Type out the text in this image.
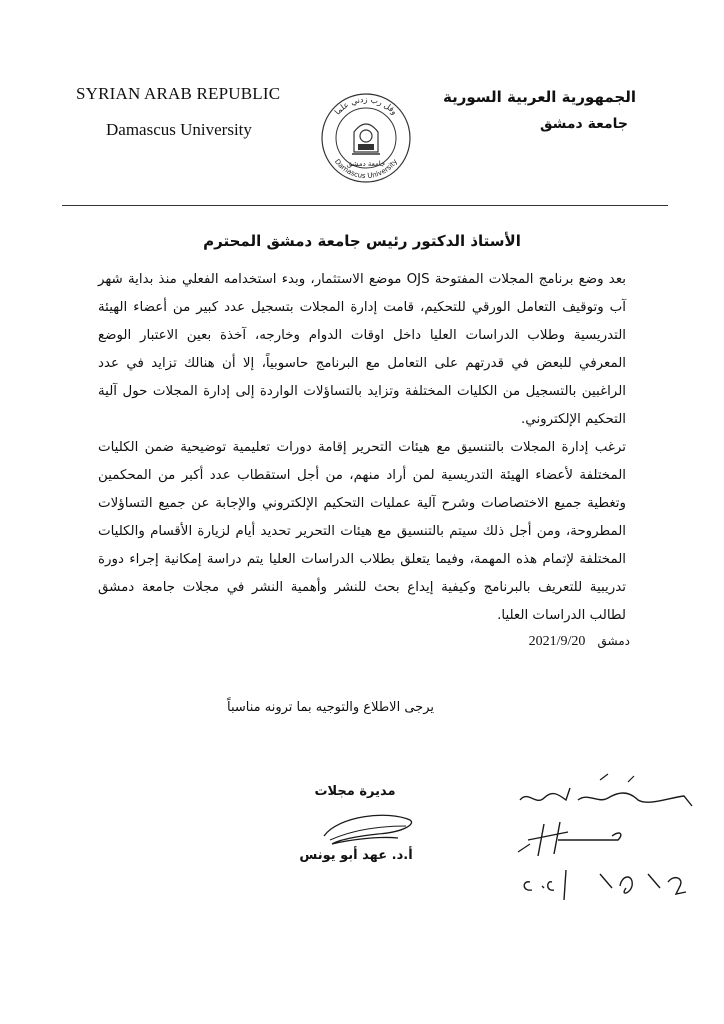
SYRIAN ARAB REPUBLIC
Damascus University
وقل رب زدني علما
Damascus University
جامعة دمشق
الجمهورية العربية السورية
جامعة دمشق
الأستاذ الدكتور رئيس جامعة دمشق المحترم
بعد وضع برنامج المجلات المفتوحة OJS موضع الاستثمار، وبدء استخدامه الفعلي منذ بداية شهر آب وتوقيف التعامل الورقي للتحكيم، قامت إدارة المجلات بتسجيل عدد كبير من أعضاء الهيئة التدريسية وطلاب الدراسات العليا داخل اوقات الدوام وخارجه، آخذة بعين الاعتبار الوضع المعرفي للبعض في قدرتهم على التعامل مع البرنامج حاسوبياً، إلا أن هنالك تزايد في عدد الراغبين بالتسجيل من الكليات المختلفة وتزايد بالتساؤلات الواردة إلى إدارة المجلات حول آلية التحكيم الإلكتروني.
ترغب إدارة المجلات بالتنسيق مع هيئات التحرير إقامة دورات تعليمية توضيحية ضمن الكليات المختلفة لأعضاء الهيئة التدريسية لمن أراد منهم، من أجل استقطاب عدد أكبر من المحكمين وتغطية جميع الاختصاصات وشرح آلية عمليات التحكيم الإلكتروني والإجابة عن جميع التساؤلات المطروحة، ومن أجل ذلك سيتم بالتنسيق مع هيئات التحرير تحديد أيام لزيارة الأقسام والكليات المختلفة لإتمام هذه المهمة، وفيما يتعلق بطلاب الدراسات العليا يتم دراسة إمكانية إجراء دورة تدريبية للتعريف بالبرنامج وكيفية إيداع بحث للنشر وأهمية النشر في مجلات جامعة دمشق لطالب الدراسات العليا.
دمشق 2021/9/20
يرجى الاطلاع والتوجيه بما ترونه مناسباً
مديرة مجلات
أ.د. عهد أبو يونس
